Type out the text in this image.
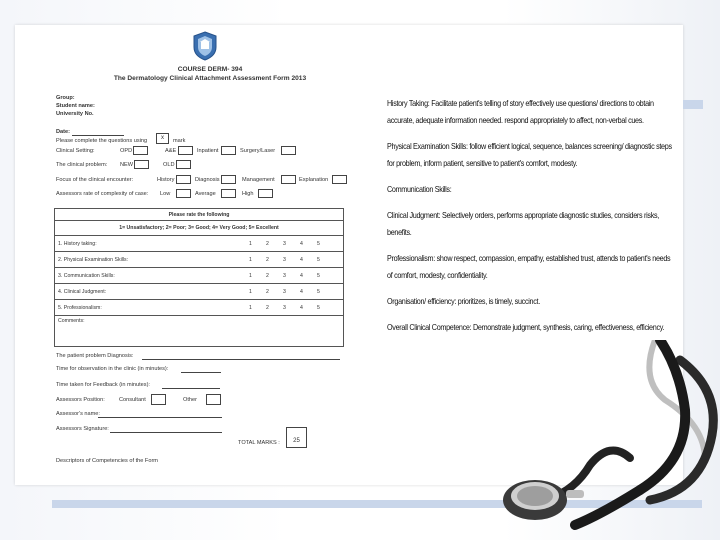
COURSE DERM- 394
The Dermatology Clinical Attachment Assessment Form 2013
Group:
Student name:
University No.
Date:
Please complete the questions using	x	mark
Clinical Setting:	OPD	A&E	Inpatient	Surgery/Laser
The clinical problem: NEW	OLD
Focus of the clinical encounter:	History	Diagnosis	Management	Explanation
Assessors rate of complexity of case: Low	Average	High
Please rate the following
1= Unsatisfactory; 2= Poor; 3= Good; 4= Very Good; 5= Excellent
1. History taking:	1	2	3	4	5

2. Physical Examination Skills:	1	2	3	4	5

3. Communication Skills:	1	2	3	4	5

4. Clinical Judgment:	1	2	3	4	5

5. Professionalism:	1	2	3	4	5

Comments:
The patient problem Diagnosis:
Time for observation in the clinic (in minutes):
Time taken for Feedback (in minutes):
Assessors Position:	Consultant	Other
Assessor's name:
Assessors Signature:
TOTAL MARKS : 25
Descriptors of Competencies of the Form

History Taking: Facilitate patient's telling of story effectively use questions/ directions to obtain accurate, adequate information needed. respond appropriately to affect, non-verbal cues.

Physical Examination Skills: follow efficient logical, sequence, balances screening/ diagnostic steps for problem, inform patient, sensitive to patient's comfort, modesty.

Communication Skills:

Clinical Judgment: Selectively orders, performs appropriate diagnostic studies, considers risks, benefits.

Professionalism: show respect, compassion, empathy, established trust, attends to patient's needs of comfort, modesty, confidentiality.

Organisation/ efficiency: prioritizes, is timely, succinct.

Overall Clinical Competence: Demonstrate judgment, synthesis, caring, effectiveness, efficiency.
